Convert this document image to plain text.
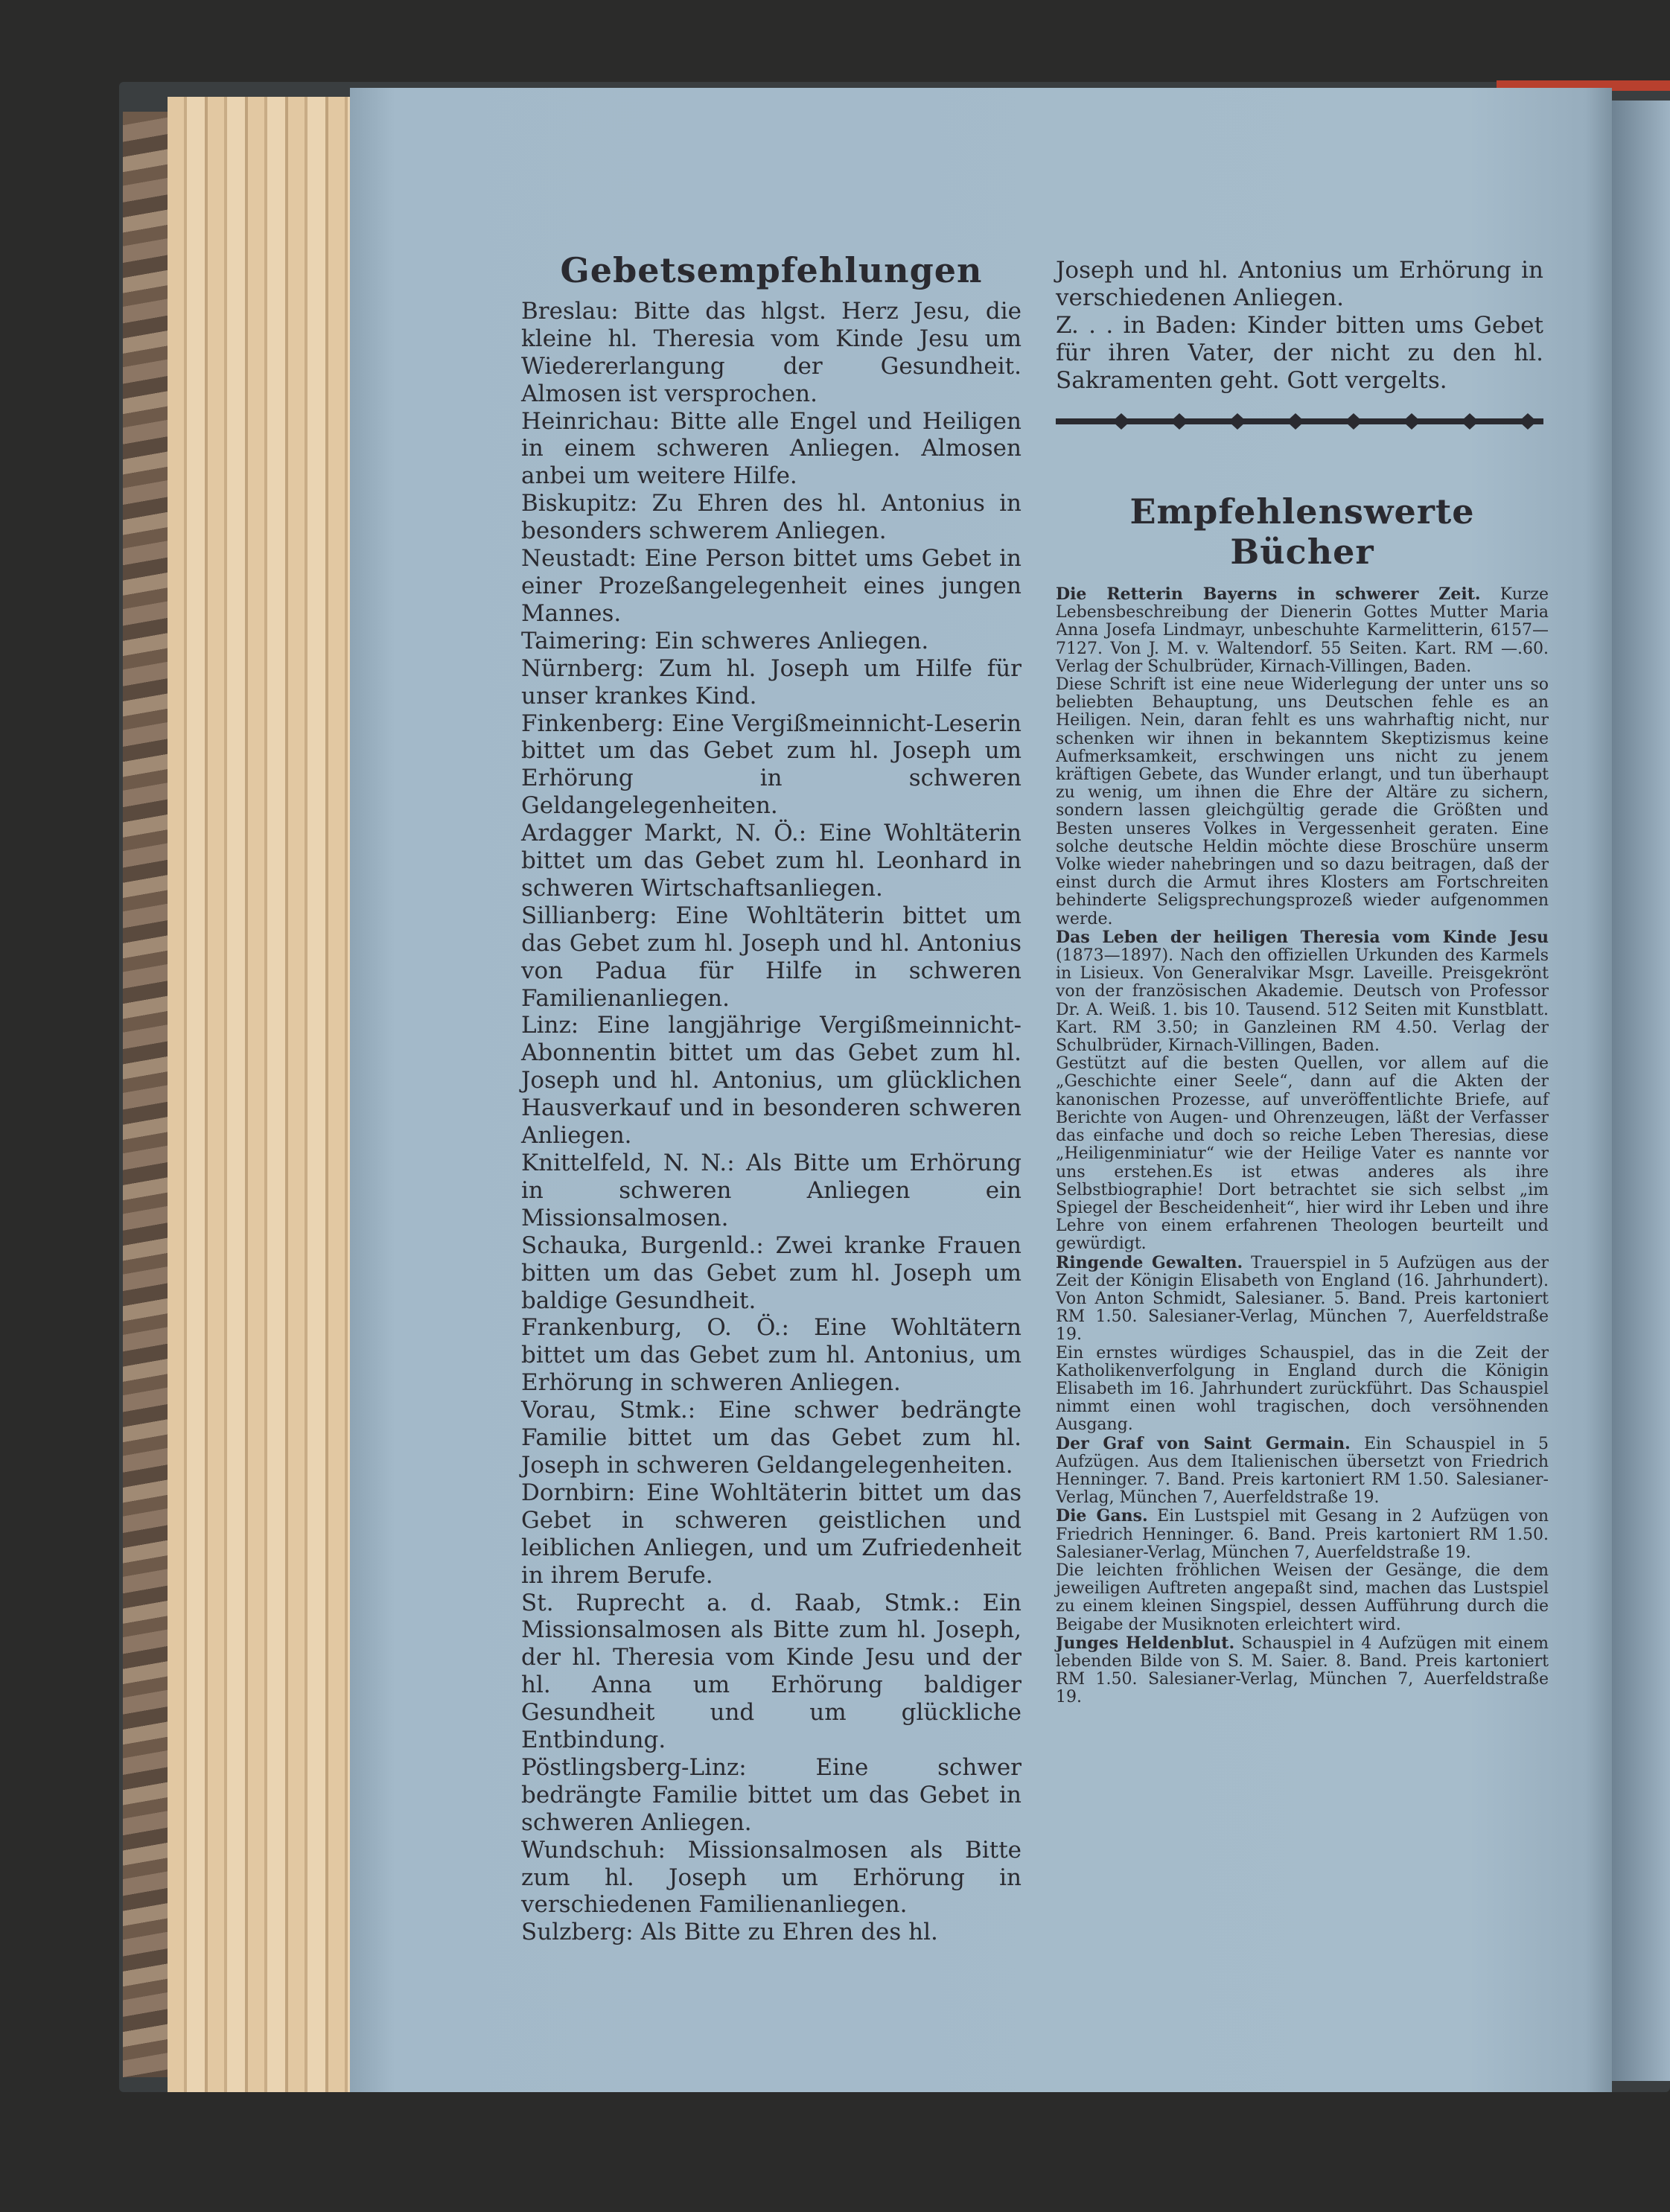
Gebetsempfehlungen

Breslau: Bitte das hlgst. Herz Jesu, die kleine hl. Theresia vom Kinde Jesu um Wiedererlangung der Gesundheit. Almosen ist versprochen.

Heinrichau: Bitte alle Engel und Heiligen in einem schweren Anliegen. Almosen anbei um weitere Hilfe.

Biskupitz: Zu Ehren des hl. Antonius in besonders schwerem Anliegen.

Neustadt: Eine Person bittet ums Gebet in einer Prozeßangelegenheit eines jungen Mannes.

Taimering: Ein schweres Anliegen.

Nürnberg: Zum hl. Joseph um Hilfe für unser krankes Kind.

Finkenberg: Eine Vergißmeinnicht-Leserin bittet um das Gebet zum hl. Joseph um Erhörung in schweren Geldangelegenheiten.

Ardagger Markt, N. Ö.: Eine Wohltäterin bittet um das Gebet zum hl. Leonhard in schweren Wirtschaftsanliegen.

Sillianberg: Eine Wohltäterin bittet um das Gebet zum hl. Joseph und hl. Antonius von Padua für Hilfe in schweren Familienanliegen.

Linz: Eine langjährige Vergißmeinnicht-Abonnentin bittet um das Gebet zum hl. Joseph und hl. Antonius, um glücklichen Hausverkauf und in besonderen schweren Anliegen.

Knittelfeld, N. N.: Als Bitte um Erhörung in schweren Anliegen ein Missionsalmosen.

Schauka, Burgenld.: Zwei kranke Frauen bitten um das Gebet zum hl. Joseph um baldige Gesundheit.

Frankenburg, O. Ö.: Eine Wohltätern bittet um das Gebet zum hl. Antonius, um Erhörung in schweren Anliegen.

Vorau, Stmk.: Eine schwer bedrängte Familie bittet um das Gebet zum hl. Joseph in schweren Geldangelegenheiten.

Dornbirn: Eine Wohltäterin bittet um das Gebet in schweren geistlichen und leiblichen Anliegen, und um Zufriedenheit in ihrem Berufe.

St. Ruprecht a. d. Raab, Stmk.: Ein Missionsalmosen als Bitte zum hl. Joseph, der hl. Theresia vom Kinde Jesu und der hl. Anna um Erhörung baldiger Gesundheit und um glückliche Entbindung.

Pöstlingsberg-Linz: Eine schwer bedrängte Familie bittet um das Gebet in schweren Anliegen.

Wundschuh: Missionsalmosen als Bitte zum hl. Joseph um Erhörung in verschiedenen Familienanliegen.

Sulzberg: Als Bitte zu Ehren des hl.

Joseph und hl. Antonius um Erhörung in verschiedenen Anliegen.

Z. . . in Baden: Kinder bitten ums Gebet für ihren Vater, der nicht zu den hl. Sakramenten geht. Gott vergelts.

Empfehlenswerte Bücher

Die Retterin Bayerns in schwerer Zeit. Kurze Lebensbeschreibung der Dienerin Gottes Mutter Maria Anna Josefa Lindmayr, unbeschuhte Karmelitterin, 6157—7127. Von J. M. v. Waltendorf. 55 Seiten. Kart. RM —.60. Verlag der Schulbrüder, Kirnach-Villingen, Baden.

Diese Schrift ist eine neue Widerlegung der unter uns so beliebten Behauptung, uns Deutschen fehle es an Heiligen. Nein, daran fehlt es uns wahrhaftig nicht, nur schenken wir ihnen in bekanntem Skeptizismus keine Aufmerksamkeit, erschwingen uns nicht zu jenem kräftigen Gebete, das Wunder erlangt, und tun überhaupt zu wenig, um ihnen die Ehre der Altäre zu sichern, sondern lassen gleichgültig gerade die Größten und Besten unseres Volkes in Vergessenheit geraten. Eine solche deutsche Heldin möchte diese Broschüre unserm Volke wieder nahebringen und so dazu beitragen, daß der einst durch die Armut ihres Klosters am Fortschreiten behinderte Seligsprechungsprozeß wieder aufgenommen werde.

Das Leben der heiligen Theresia vom Kinde Jesu (1873—1897). Nach den offiziellen Urkunden des Karmels in Lisieux. Von Generalvikar Msgr. Laveille. Preisgekrönt von der französischen Akademie. Deutsch von Professor Dr. A. Weiß. 1. bis 10. Tausend. 512 Seiten mit Kunstblatt. Kart. RM 3.50; in Ganzleinen RM 4.50. Verlag der Schulbrüder, Kirnach-Villingen, Baden.

Gestützt auf die besten Quellen, vor allem auf die „Geschichte einer Seele“, dann auf die Akten der kanonischen Prozesse, auf unveröffentlichte Briefe, auf Berichte von Augen- und Ohrenzeugen, läßt der Verfasser das einfache und doch so reiche Leben Theresias, diese „Heiligenminiatur“ wie der Heilige Vater es nannte vor uns erstehen.Es ist etwas anderes als ihre Selbstbiographie! Dort betrachtet sie sich selbst „im Spiegel der Bescheidenheit“, hier wird ihr Leben und ihre Lehre von einem erfahrenen Theologen beurteilt und gewürdigt.

Ringende Gewalten. Trauerspiel in 5 Aufzügen aus der Zeit der Königin Elisabeth von England (16. Jahrhundert). Von Anton Schmidt, Salesianer. 5. Band. Preis kartoniert RM 1.50. Salesianer-Verlag, München 7, Auerfeldstraße 19.

Ein ernstes würdiges Schauspiel, das in die Zeit der Katholikenverfolgung in England durch die Königin Elisabeth im 16. Jahrhundert zurückführt. Das Schauspiel nimmt einen wohl tragischen, doch versöhnenden Ausgang.

Der Graf von Saint Germain. Ein Schauspiel in 5 Aufzügen. Aus dem Italienischen übersetzt von Friedrich Henninger. 7. Band. Preis kartoniert RM 1.50. Salesianer-Verlag, München 7, Auerfeldstraße 19.

Die Gans. Ein Lustspiel mit Gesang in 2 Aufzügen von Friedrich Henninger. 6. Band. Preis kartoniert RM 1.50. Salesianer-Verlag, München 7, Auerfeldstraße 19.

Die leichten fröhlichen Weisen der Gesänge, die dem jeweiligen Auftreten angepaßt sind, machen das Lustspiel zu einem kleinen Singspiel, dessen Aufführung durch die Beigabe der Musiknoten erleichtert wird.

Junges Heldenblut. Schauspiel in 4 Aufzügen mit einem lebenden Bilde von S. M. Saier. 8. Band. Preis kartoniert RM 1.50. Salesianer-Verlag, München 7, Auerfeldstraße 19.
